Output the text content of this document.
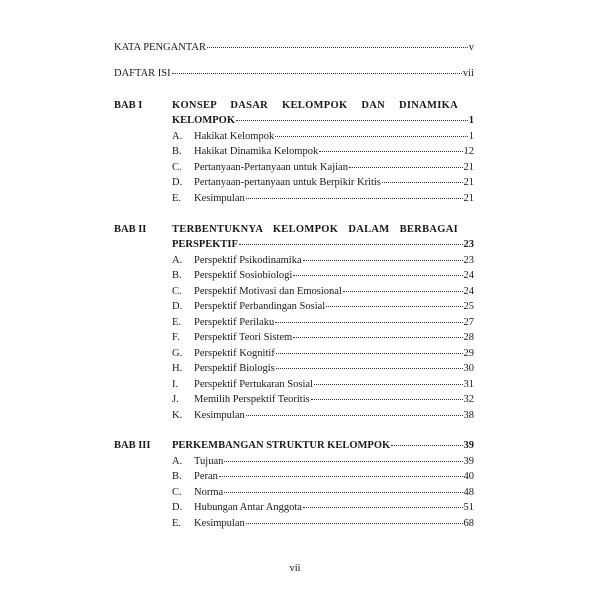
KATA PENGANTAR	v
DAFTAR ISI	vii
BAB I	KONSEP DASAR KELOMPOK DAN DINAMIKA
KELOMPOK	1
A. Hakikat Kelompok	1
B. Hakikat Dinamika Kelompok	12
C. Pertanyaan-Pertanyaan untuk Kajian	21
D. Pertanyaan-pertanyaan untuk Berpikir Kritis	21
E. Kesimpulan	21
BAB II TERBENTUKNYA KELOMPOK DALAM BERBAGAI
PERSPEKTIF	23
A. Perspektif Psikodinamika	23
B. Perspektif Sosiobiologi	24
C. Perspektif Motivasi dan Emosional	24
D. Perspektif Perbandingan Sosial	25
E. Perspektif Perilaku	27
F. Perspektif Teori Sistem	28
G. Perspektif Kognitif	29
H. Perspektif Biologis	30
I. Perspektif Pertukaran Sosial	31
J. Memilih Perspektif Teoritis	32
K. Kesimpulan	38
BAB III PERKEMBANGAN STRUKTUR KELOMPOK	39
A. Tujuan	39
B. Peran	40
C. Norma	48
D. Hubungan Antar Anggota	51
E. Kesimpulan	68
vii
